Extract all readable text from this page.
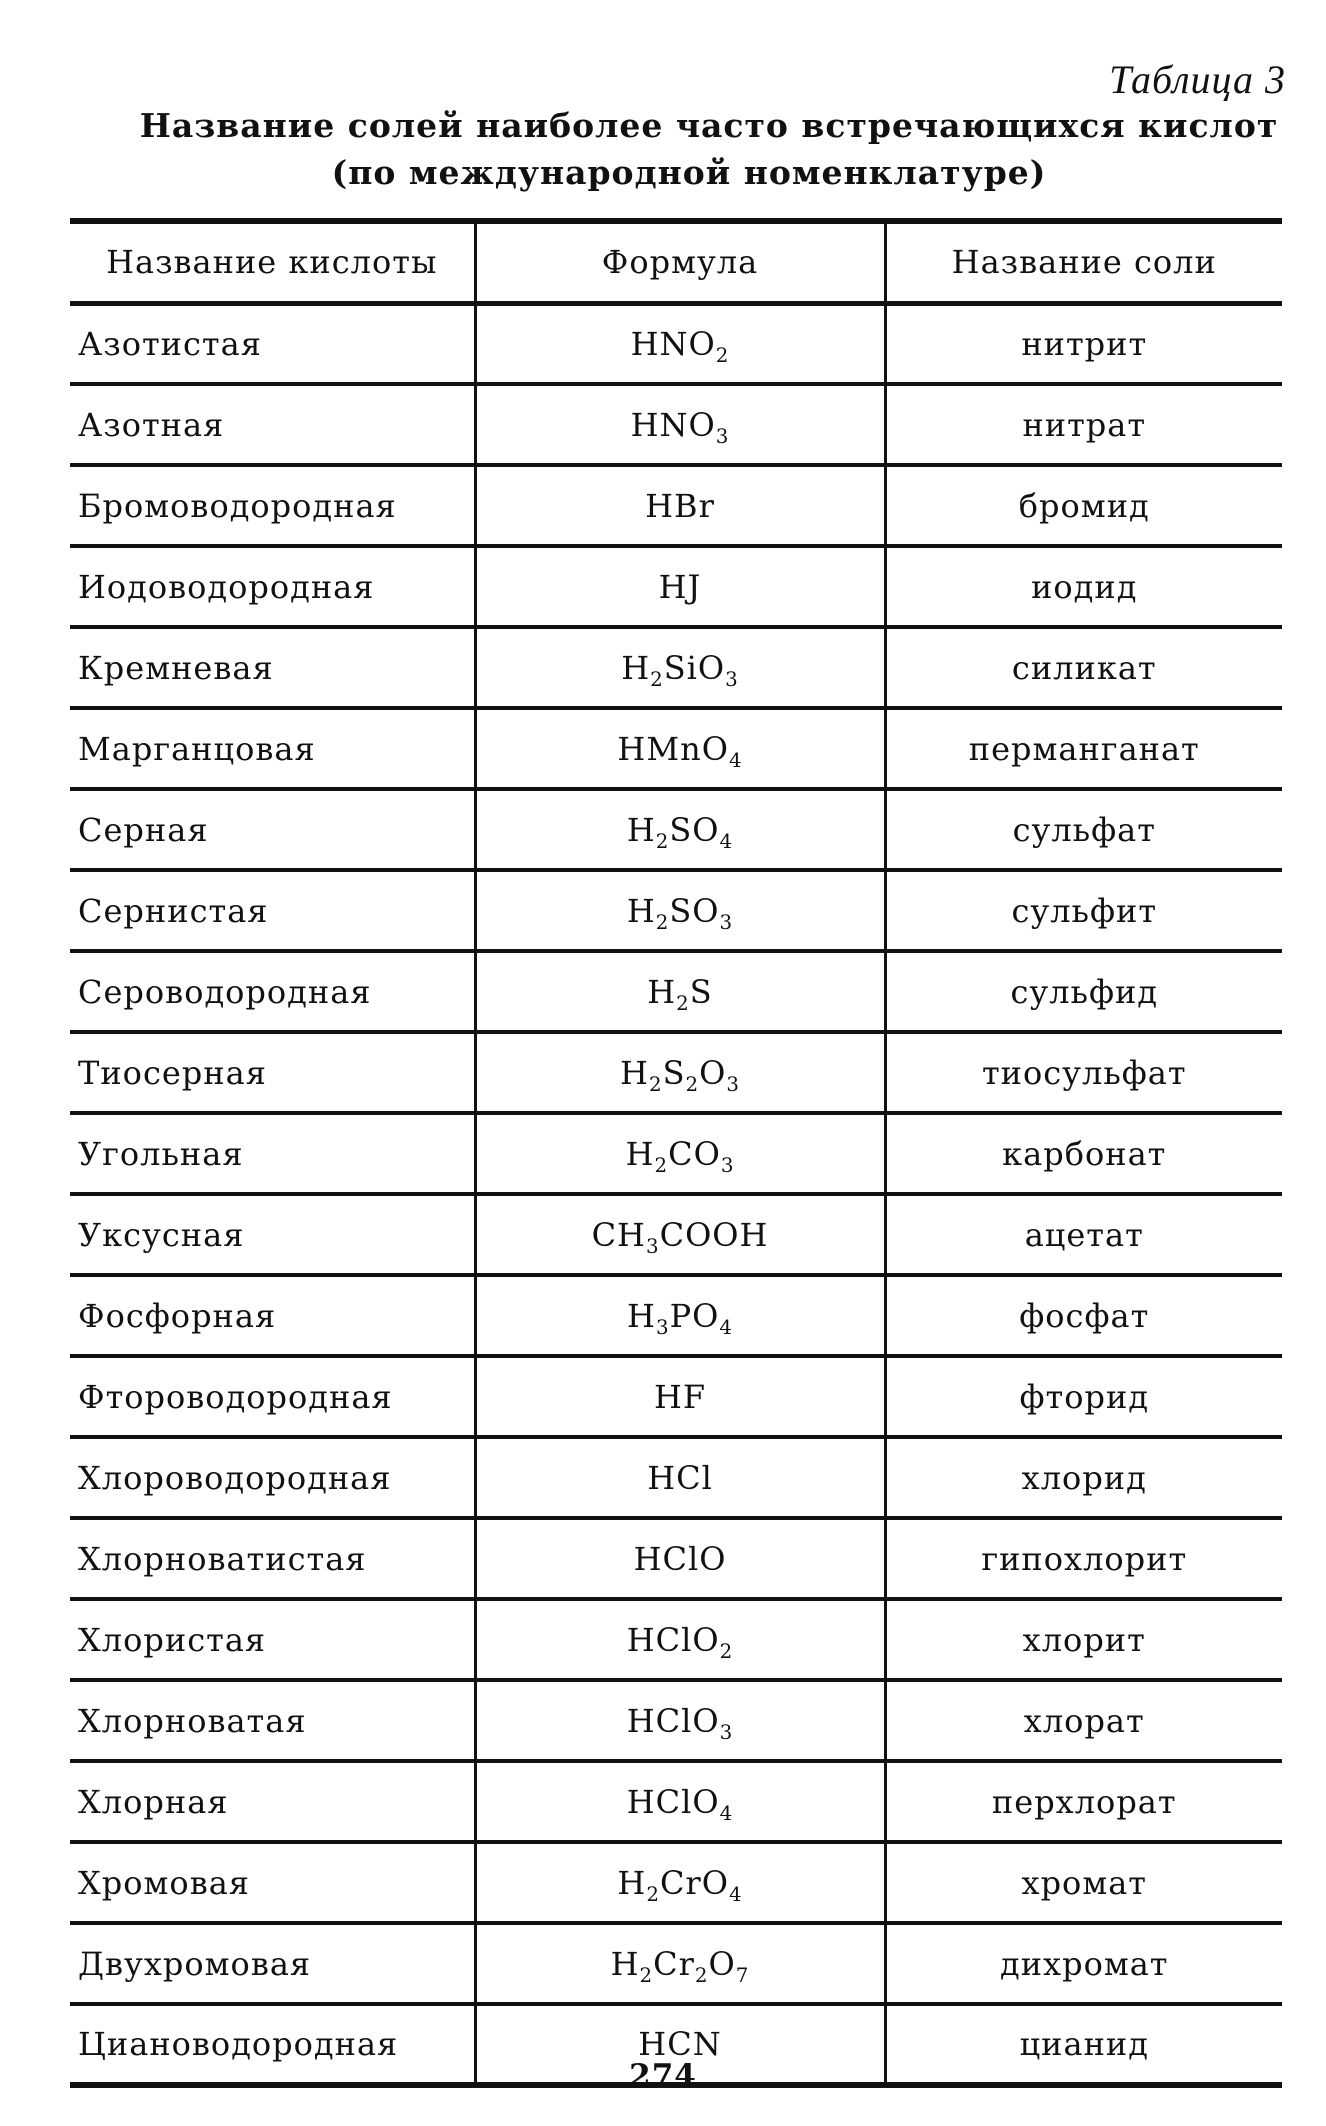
Таблица 3
Название солей наиболее часто встречающихся кислот
(по международной номенклатуре)
Название кислоты	Формула	Название соли
Азотистая	$HNO_2$	нитрит
Азотная	$HNO_3$	нитрат
Бромоводородная	HBr	бромид
Иодоводородная	HJ	иодид
Кремневая	$H_2SiO_3$	силикат
Марганцовая	HMnO$_4$	перманганат
Серная	$H_2SO_4$	сульфат
Сернистая	$H_2SO_3$	сульфит
Сероводородная	$H_2S$	сульфид
Тиосерная	$H_2S_2O_3$	тиосульфат
Угольная	$H_2CO_3$	карбонат
Уксусная	$CH_3COOH$	ацетат
Фосфорная	$H_3PO_4$	фосфат
Фтороводородная	HF	фторид
Хлороводородная	HCl	хлорид
Хлорноватистая	HClO	гипохлорит
Хлористая	HClO$_2$	хлорит
Хлорноватая	HClO$_3$	хлорат
Хлорная	HClO$_4$	перхлорат
Хромовая	$H_2CrO_4$	хромат
Двухромовая	$H_2Cr_2O_7$	дихромат
Циановодородная	HCN	цианид
274
